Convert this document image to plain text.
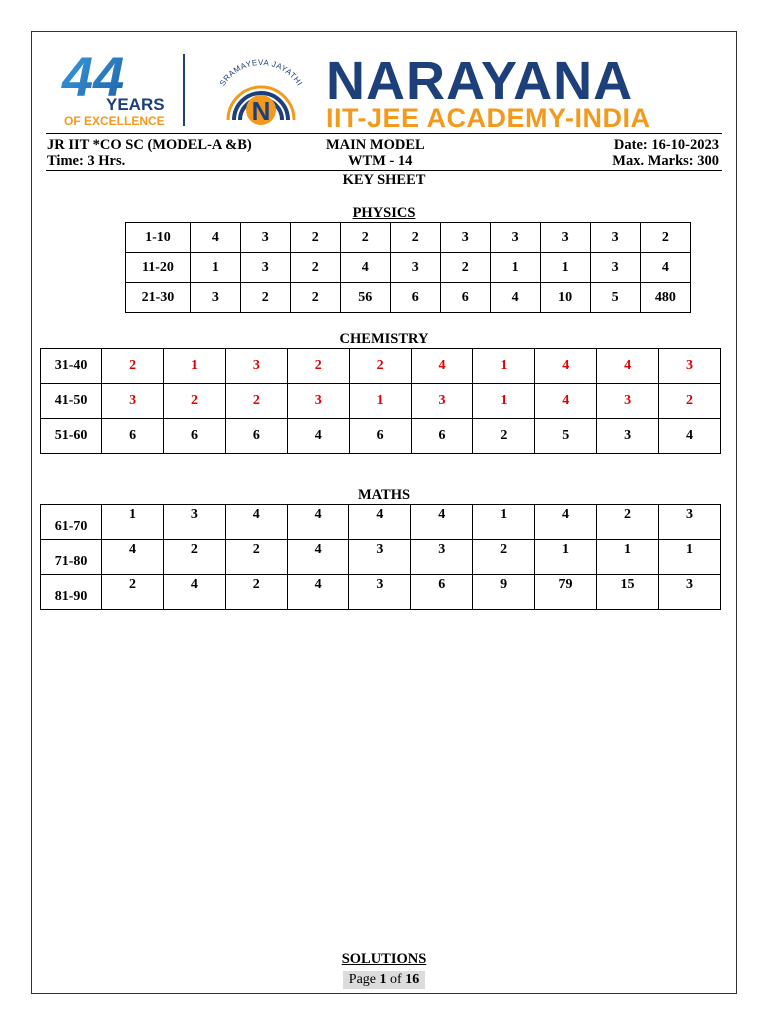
44
YEARS
OF EXCELLENCE
SRAMAYEVA JAYATHI
N NARAYANA
IIT-JEE ACADEMY-INDIA
JR IIT *CO SC (MODEL-A &B)
Time: 3 Hrs.
MAIN MODEL
WTM - 14
Date: 16-10-2023
Max. Marks: 300
KEY SHEET
PHYSICS
1-10	4	3	2	2	2	3	3	3	3	2
11-20	1	3	2	4	3	2	1	1	3	4
21-30	3	2	2	56	6	6	4	10	5	480
CHEMISTRY
31-40	2	1	3	2	2	4	1	4	4	3
41-50	3	2	2	3	1	3	1	4	3	2
51-60	6	6	6	4	6	6	2	5	3	4
MATHS
61-70	1	3	4	4	4	4	1	4	2	3
71-80	4	2	2	4	3	3	2	1	1	1
81-90	2	4	2	4	3	6	9	79	15	3
SOLUTIONS
Page 1 of 16
